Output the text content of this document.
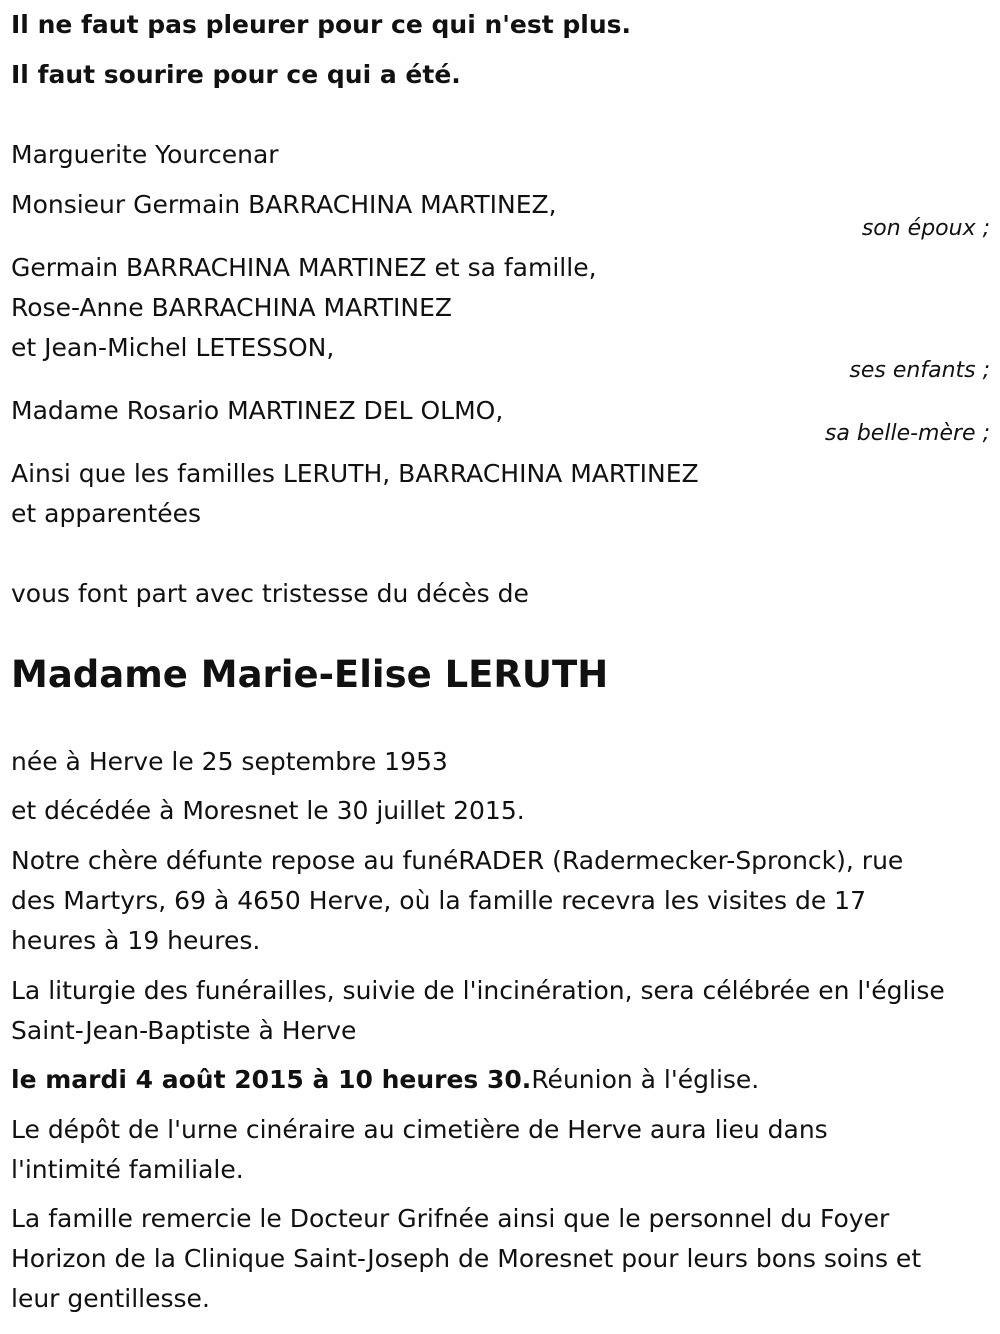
Il ne faut pas pleurer pour ce qui n'est plus.

Il faut sourire pour ce qui a été.

Marguerite Yourcenar

Monsieur Germain BARRACHINA MARTINEZ,

son époux ;

Germain BARRACHINA MARTINEZ et sa famille,

Rose-Anne BARRACHINA MARTINEZ

et Jean-Michel LETESSON,

ses enfants ;

Madame Rosario MARTINEZ DEL OLMO,

sa belle-mère ;

Ainsi que les familles LERUTH, BARRACHINA MARTINEZ

et apparentées

vous font part avec tristesse du décès de

Madame Marie-Elise LERUTH

née à Herve le 25 septembre 1953

et décédée à Moresnet le 30 juillet 2015.

Notre chère défunte repose au funéRADER (Radermecker-Spronck), rue

des Martyrs, 69 à 4650 Herve, où la famille recevra les visites de 17

heures à 19 heures.

La liturgie des funérailles, suivie de l'incinération, sera célébrée en l'église

Saint-Jean-Baptiste à Herve

le mardi 4 août 2015 à 10 heures 30.Réunion à l'église.

Le dépôt de l'urne cinéraire au cimetière de Herve aura lieu dans

l'intimité familiale.

La famille remercie le Docteur Grifnée ainsi que le personnel du Foyer

Horizon de la Clinique Saint-Joseph de Moresnet pour leurs bons soins et

leur gentillesse.
